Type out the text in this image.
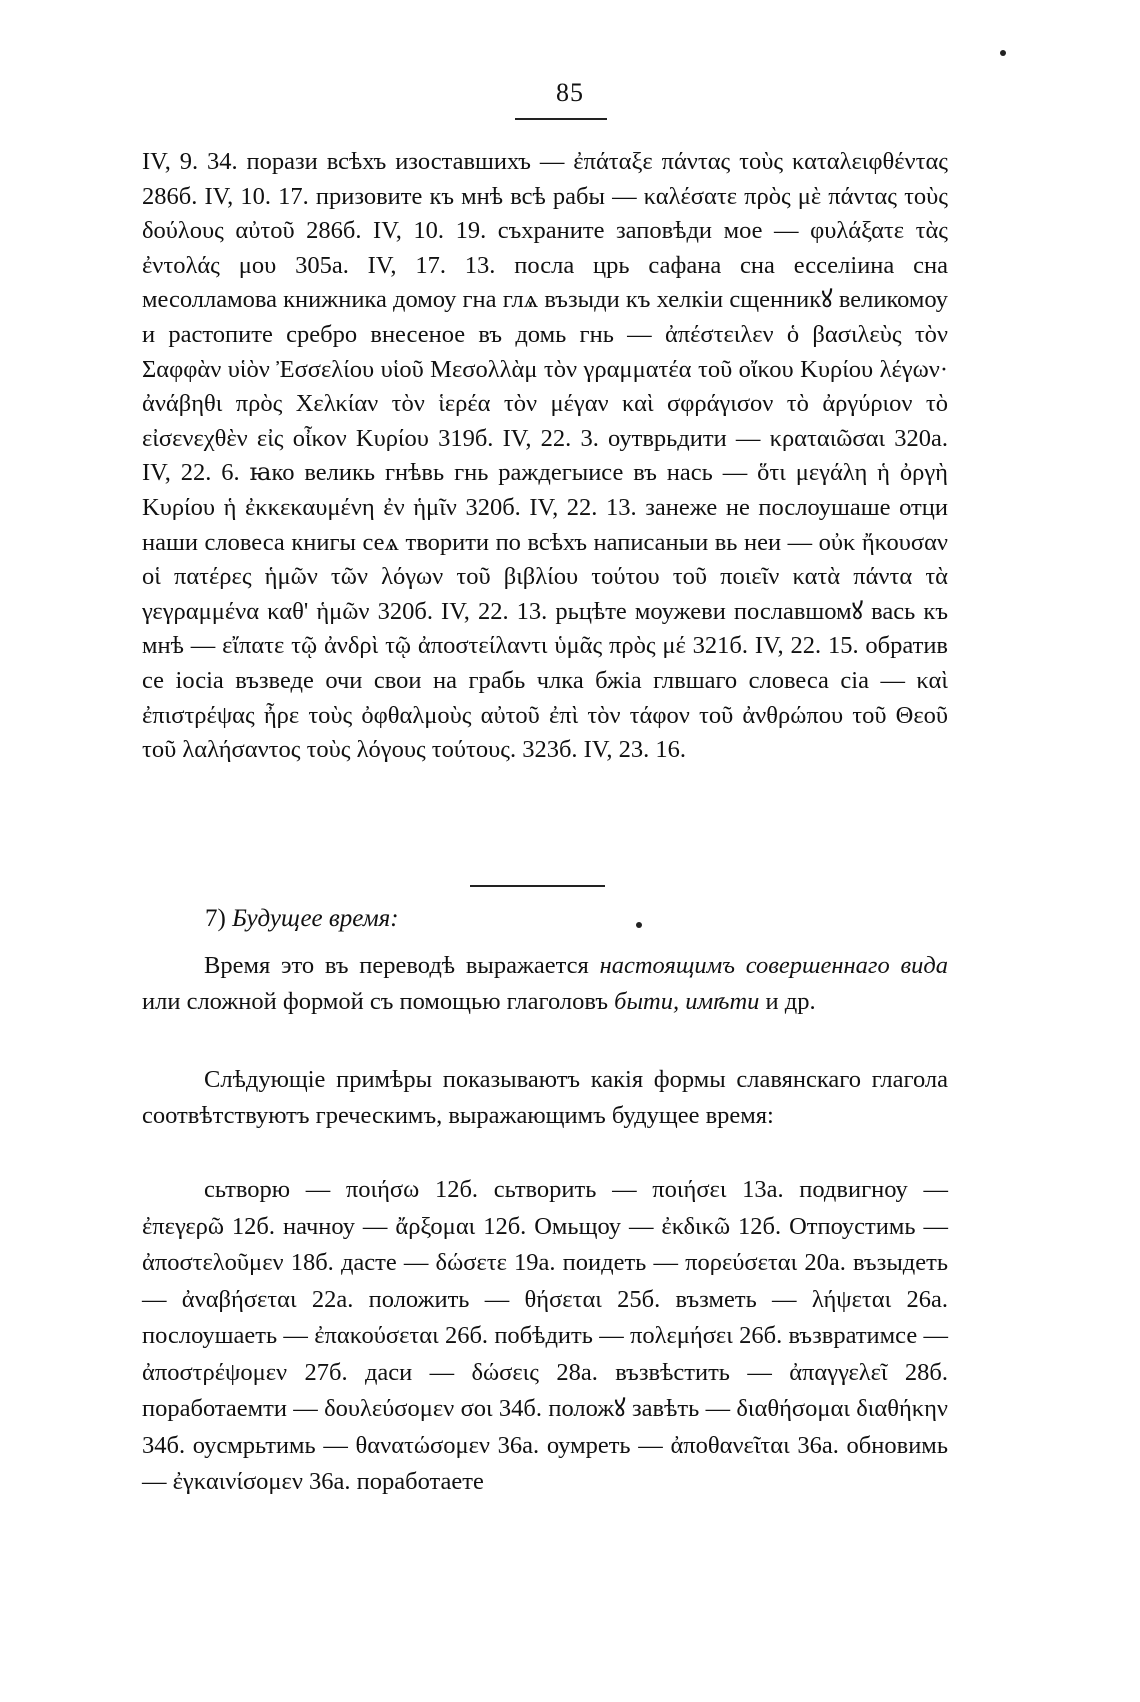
85

IV, 9. 34. порази всѣхъ изоставшихъ — ἐπάταξε πάντας τοὺς καταλειφθέντας 286б. IV, 10. 17. призовите къ мнѣ всѣ рабы — καλέσατε πρὸς μὲ πάντας τοὺς δούλους αὐτοῦ 286б. IV, 10. 19. съхраните заповѣди мое — φυλάξατε τὰς ἐντολάς μου 305а. IV, 17. 13. посла црь сафана сна есселіина сна месолламова книжника домоу гна глѧ възыди къ хелкіи сщенникꙋ великомоу и растопите сребро внесеное въ домь гнь — ἀπέστειλεν ὁ βασιλεὺς τὸν Σαφφὰν υἱὸν Ἐσσελίου υἱοῦ Μεσολλὰμ τὸν γραμματέα τοῦ οἴκου Κυρίου λέγων· ἀνάβηθι πρὸς Χελκίαν τὸν ἱερέα τὸν μέγαν καὶ σφράγισον τὸ ἀργύριον τὸ εἰσενεχθὲν εἰς οἶκον Κυρίου 319б. IV, 22. 3. оутврьдити — κραταιῶσαι 320а. IV, 22. 6. ꙗко великь гнѣвь гнь раждегыисе въ нась — ὅτι μεγάλη ἡ ὀργὴ Κυρίου ἡ ἐκκεκαυμένη ἐν ἡμῖν 320б. IV, 22. 13. занеже не послоушаше отци наши словеса книгы сеѧ творити по всѣхъ написаныи вь неи — οὐκ ἤκουσαν οἱ πατέρες ἡμῶν τῶν λόγων τοῦ βιβλίου τούτου τοῦ ποιεῖν κατὰ πάντα τὰ γεγραμμένα καθ' ἡμῶν 320б. IV, 22. 13. рьцѣте моужеви пославшомꙋ вась къ мнѣ — εἴπατε τῷ ἀνδρὶ τῷ ἀποστείλαντι ὑμᾶς πρὸς μέ 321б. IV, 22. 15. обратив се іосіа възведе очи свои на грабь члка бжіа глвшаго словеса сіа — καὶ ἐπιστρέψας ἦρε τοὺς ὀφθαλμοὺς αὐτοῦ ἐπὶ τὸν τάφον τοῦ ἀνθρώπου τοῦ Θεοῦ τοῦ λαλήσαντος τοὺς λόγους τούτους. 323б. IV, 23. 16.

7) Будущее время:

Время это въ переводѣ выражается настоящимъ совершеннаго вида или сложной формой съ помощью глаголовъ быти, имѣти и др.

Слѣдующіе примѣры показываютъ какія формы славянскаго глагола соотвѣтствуютъ греческимъ, выражающимъ будущее время:

сьтворю — ποιήσω 12б. сьтворить — ποιήσει 13а. подвигноу — ἐπεγερῶ 12б. начноу — ἄρξομαι 12б. Омьщоу — ἐκδικῶ 12б. Отпоустимь — ἀποστελοῦμεν 18б. дасте — δώσετε 19а. поидеть — πορεύσεται 20а. възыдеть — ἀναβήσεται 22а. положить — θήσεται 25б. възметь — λήψεται 26а. послоушаеть — ἐπακούσεται 26б. побѣдить — πολεμήσει 26б. възвратимсе — ἀποστρέψομεν 27б. даси — δώσεις 28а. възвѣстить — ἀπαγγελεῖ 28б. поработаемти — δουλεύσομεν σοι 34б. положꙋ завѣть — διαθήσομαι διαθήκην 34б. оусмрьтимь — θανατώσομεν 36а. оумреть — ἀποθανεῖται 36а. обновимь — ἐγκαινίσομεν 36а. поработаете
